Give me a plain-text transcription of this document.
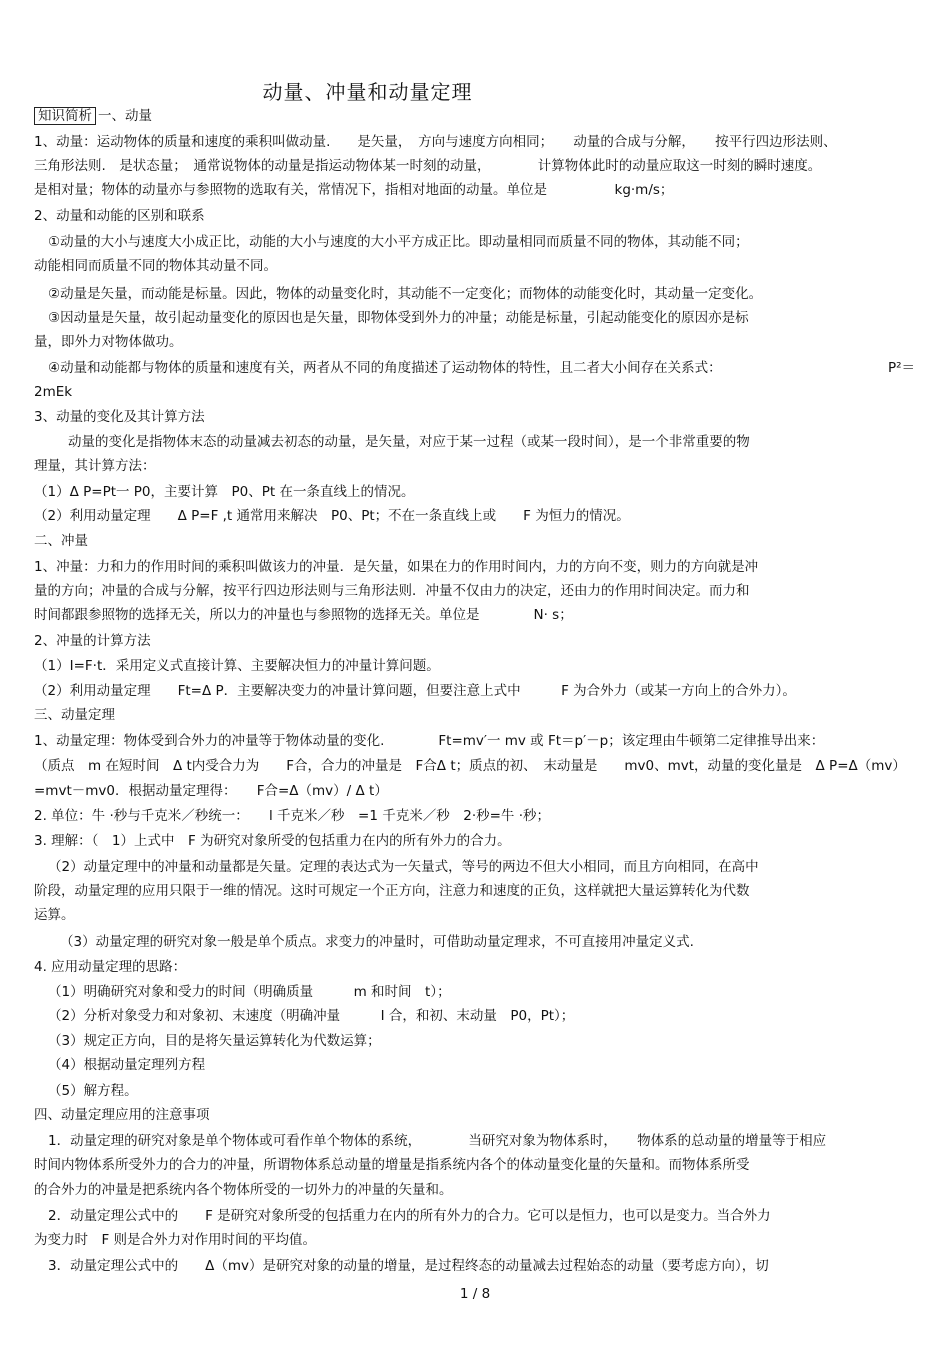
动量、冲量和动量定理
知识简析 一、动量
1、动量：运动物体的质量和速度的乘积叫做动量.　　是矢量，　方向与速度方向相同；　　动量的合成与分解，　　按平行四边形法则、
三角形法则.　是状态量；　通常说物体的动量是指运动物体某一时刻的动量，　　　　计算物体此时的动量应取这一时刻的瞬时速度。
是相对量；物体的动量亦与参照物的选取有关，常情况下，指相对地面的动量。单位是　　　　　kg·m/s；
2、动量和动能的区别和联系
①动量的大小与速度大小成正比，动能的大小与速度的大小平方成正比。即动量相同而质量不同的物体，其动能不同；
动能相同而质量不同的物体其动量不同。
②动量是矢量，而动能是标量。因此，物体的动量变化时，其动能不一定变化；而物体的动能变化时，其动量一定变化。
③因动量是矢量，故引起动量变化的原因也是矢量，即物体受到外力的冲量；动能是标量，引起动能变化的原因亦是标
量，即外力对物体做功。
④动量和动能都与物体的质量和速度有关，两者从不同的角度描述了运动物体的特性，且二者大小间存在关系式：	P²＝
2mEk
3、动量的变化及其计算方法
动量的变化是指物体末态的动量减去初态的动量，是矢量，对应于某一过程（或某一段时间），是一个非常重要的物
理量，其计算方法：
（1）Δ P=Pt一 P0，主要计算　P0、Pt 在一条直线上的情况。
（2）利用动量定理　　Δ P=F ,t 通常用来解决　P0、Pt；不在一条直线上或　　F 为恒力的情况。
二、冲量
1、冲量：力和力的作用时间的乘积叫做该力的冲量．是矢量，如果在力的作用时间内，力的方向不变，则力的方向就是冲
量的方向；冲量的合成与分解，按平行四边形法则与三角形法则．冲量不仅由力的决定，还由力的作用时间决定。而力和
时间都跟参照物的选择无关，所以力的冲量也与参照物的选择无关。单位是　　　　N· s；
2、冲量的计算方法
（1）I=F·t．采用定义式直接计算、主要解决恒力的冲量计算问题。
（2）利用动量定理　　Ft=Δ P．主要解决变力的冲量计算问题，但要注意上式中　　　F 为合外力（或某一方向上的合外力）。
三、动量定理
1、动量定理：物体受到合外力的冲量等于物体动量的变化.　　　　Ft=mv′一 mv 或 Ft＝p′－p；该定理由牛顿第二定律推导出来：
（质点　m 在短时间　Δ t内受合力为　　F合，合力的冲量是　F合Δ t；质点的初、　末动量是　　mv0、mvt，动量的变化量是　Δ P=Δ（mv）
=mvt－mv0．根据动量定理得：　　F合=Δ（mv）/ Δ t）
2. 单位：牛 ·秒与千克米／秒统一：　　l 千克米／秒　=1 千克米／秒　2·秒=牛 ·秒；
3. 理解：（　1）上式中　F 为研究对象所受的包括重力在内的所有外力的合力。
（2）动量定理中的冲量和动量都是矢量。定理的表达式为一矢量式，等号的两边不但大小相同，而且方向相同，在高中
阶段，动量定理的应用只限于一维的情况。这时可规定一个正方向，注意力和速度的正负，这样就把大量运算转化为代数
运算。
（3）动量定理的研究对象一般是单个质点。求变力的冲量时，可借助动量定理求，不可直接用冲量定义式.
4. 应用动量定理的思路：
（1）明确研究对象和受力的时间（明确质量　　　m 和时间　t）；
（2）分析对象受力和对象初、末速度（明确冲量　　　I 合，和初、末动量　P0，Pt）；
（3）规定正方向，目的是将矢量运算转化为代数运算；
（4）根据动量定理列方程
（5）解方程。
四、动量定理应用的注意事项
1．动量定理的研究对象是单个物体或可看作单个物体的系统，　　　　当研究对象为物体系时，　　物体系的总动量的增量等于相应
时间内物体系所受外力的合力的冲量，所谓物体系总动量的增量是指系统内各个的体动量变化量的矢量和。而物体系所受
的合外力的冲量是把系统内各个物体所受的一切外力的冲量的矢量和。
2．动量定理公式中的　　F 是研究对象所受的包括重力在内的所有外力的合力。它可以是恒力，也可以是变力。当合外力
为变力时　F 则是合外力对作用时间的平均值。
3．动量定理公式中的　　Δ（mv）是研究对象的动量的增量，是过程终态的动量减去过程始态的动量（要考虑方向），切
1 / 8
